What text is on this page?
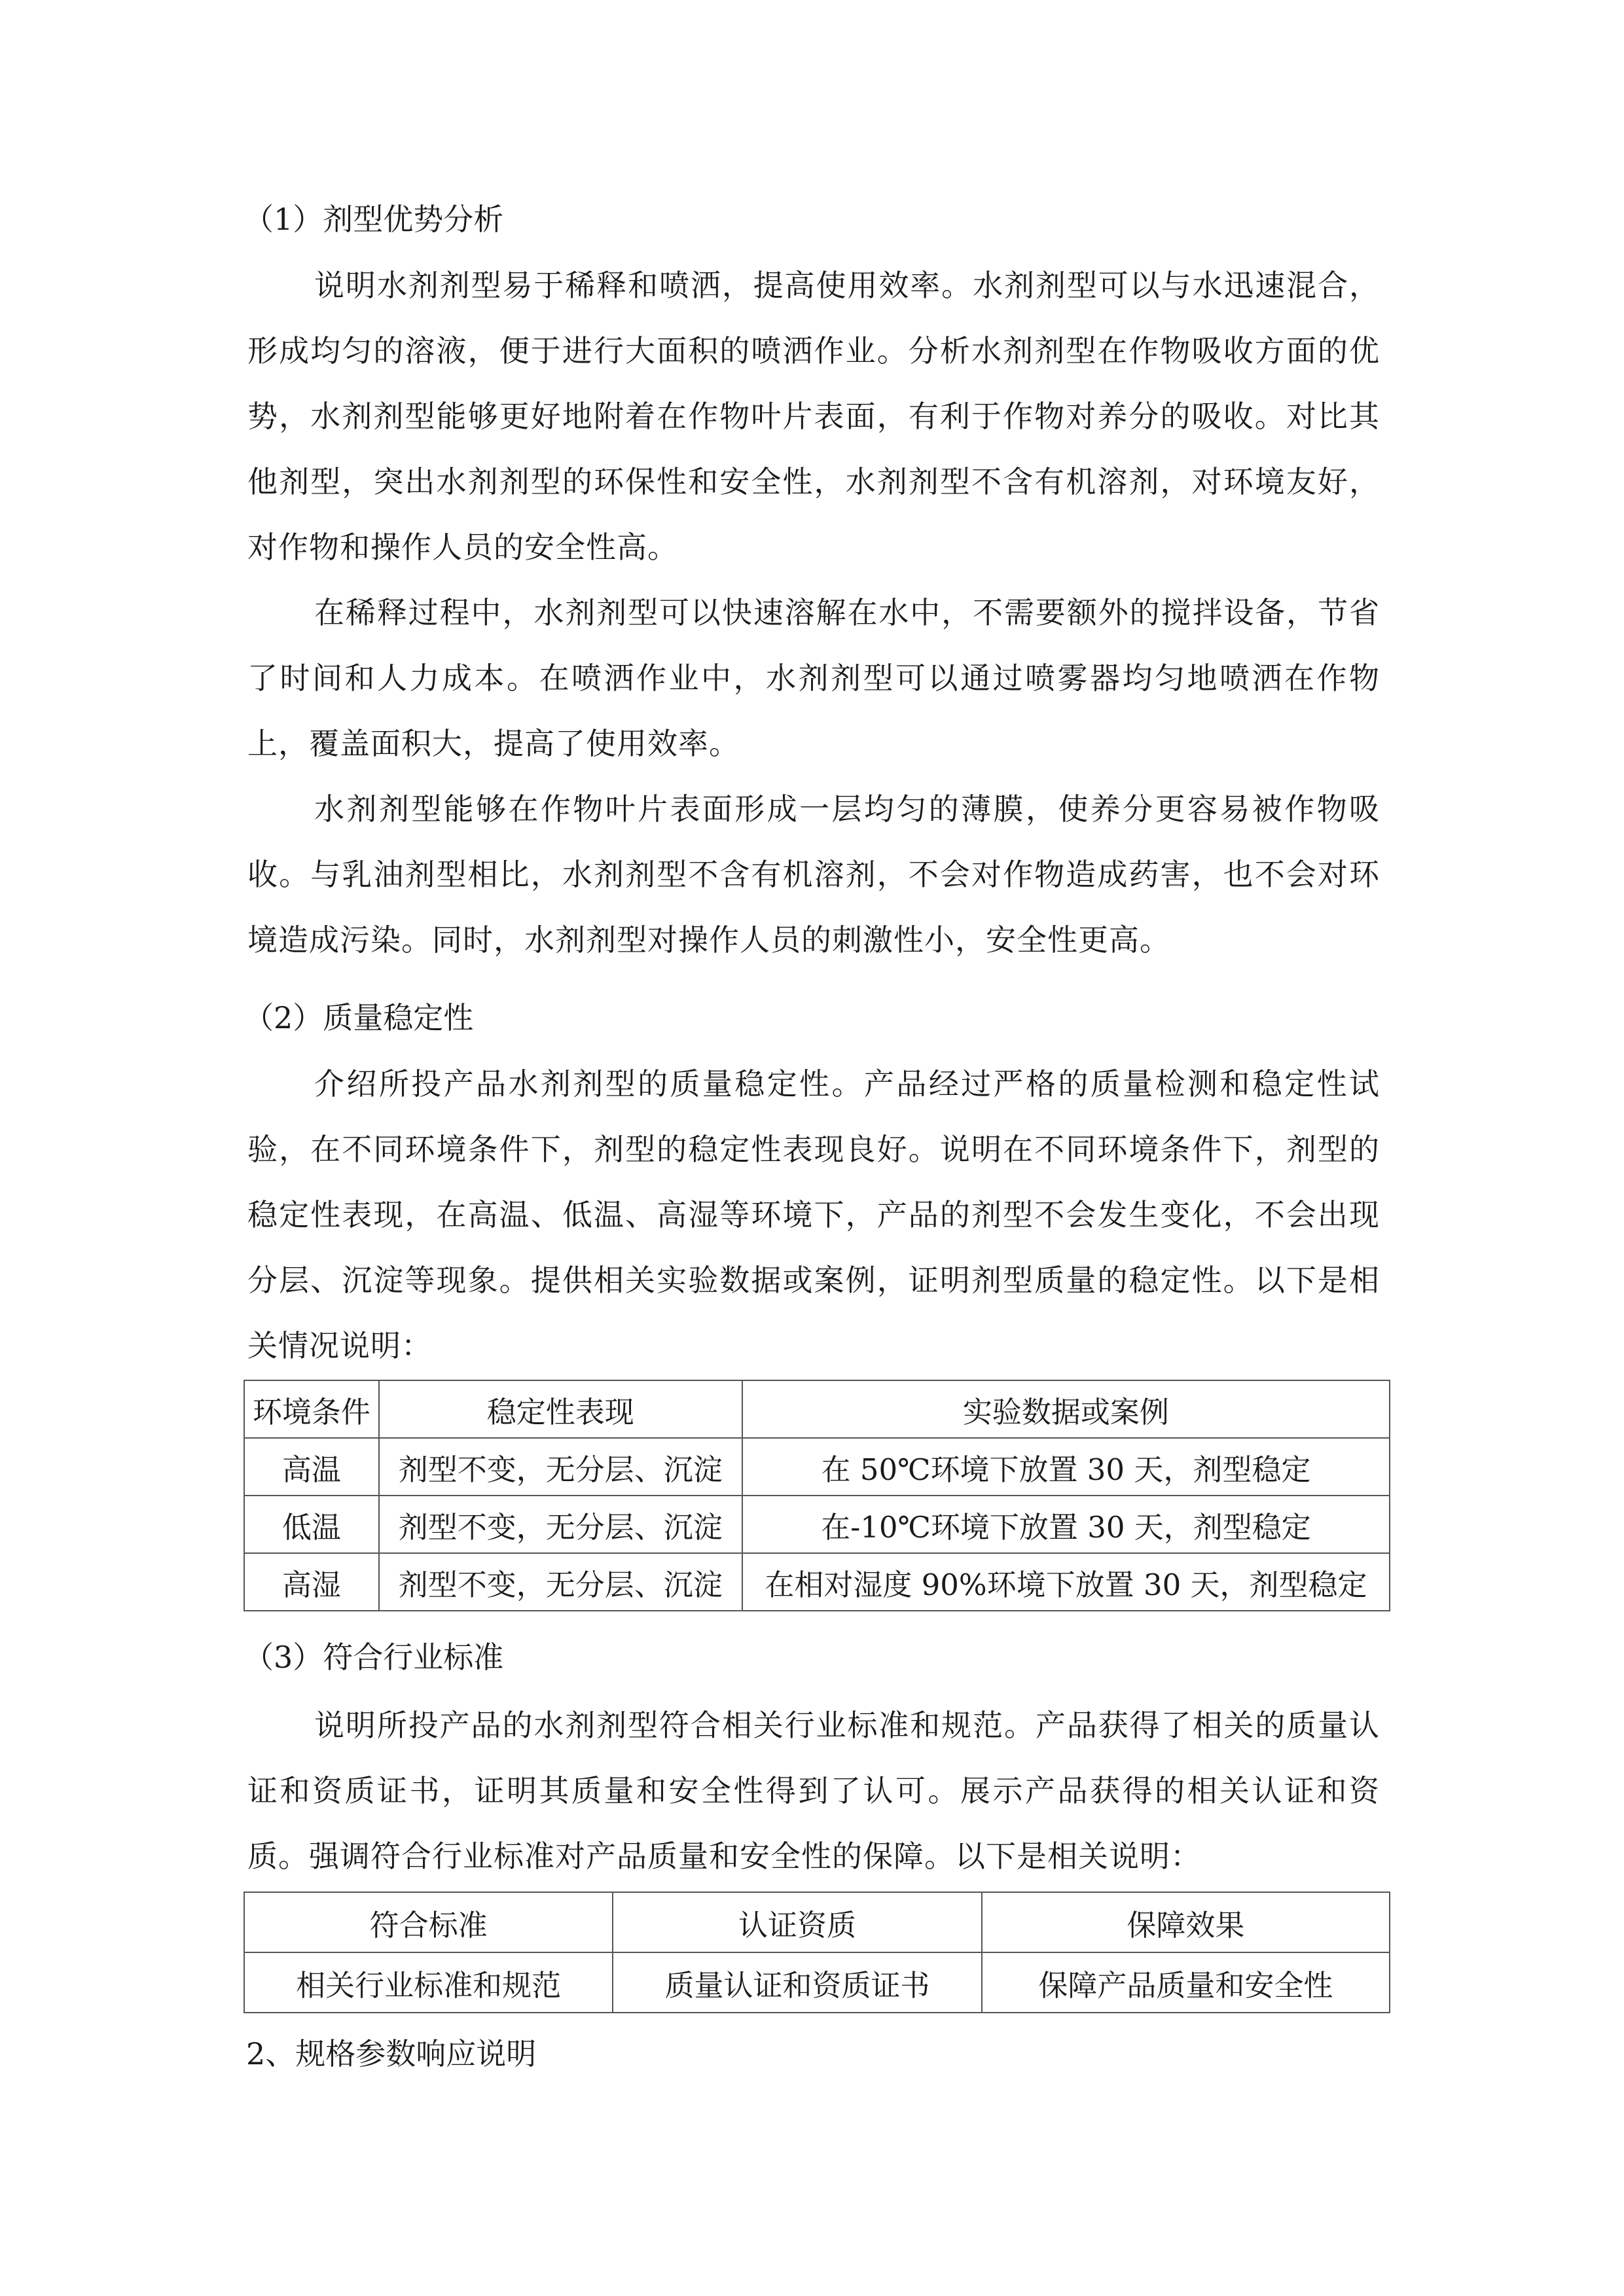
（1）剂型优势分析

说明水剂剂型易于稀释和喷洒，提高使用效率。水剂剂型可以与水迅速混合，形成均匀的溶液，便于进行大面积的喷洒作业。分析水剂剂型在作物吸收方面的优势，水剂剂型能够更好地附着在作物叶片表面，有利于作物对养分的吸收。对比其他剂型，突出水剂剂型的环保性和安全性，水剂剂型不含有机溶剂，对环境友好，对作物和操作人员的安全性高。

在稀释过程中，水剂剂型可以快速溶解在水中，不需要额外的搅拌设备，节省了时间和人力成本。在喷洒作业中，水剂剂型可以通过喷雾器均匀地喷洒在作物上，覆盖面积大，提高了使用效率。

水剂剂型能够在作物叶片表面形成一层均匀的薄膜，使养分更容易被作物吸收。与乳油剂型相比，水剂剂型不含有机溶剂，不会对作物造成药害，也不会对环境造成污染。同时，水剂剂型对操作人员的刺激性小，安全性更高。

（2）质量稳定性

介绍所投产品水剂剂型的质量稳定性。产品经过严格的质量检测和稳定性试验，在不同环境条件下，剂型的稳定性表现良好。说明在不同环境条件下，剂型的稳定性表现，在高温、低温、高湿等环境下，产品的剂型不会发生变化，不会出现分层、沉淀等现象。提供相关实验数据或案例，证明剂型质量的稳定性。以下是相关情况说明：

环境条件	稳定性表现	实验数据或案例
高温	剂型不变，无分层、沉淀	在 50℃环境下放置 30 天，剂型稳定
低温	剂型不变，无分层、沉淀	在-10℃环境下放置 30 天，剂型稳定
高湿	剂型不变，无分层、沉淀	在相对湿度 90%环境下放置 30 天，剂型稳定
（3）符合行业标准

说明所投产品的水剂剂型符合相关行业标准和规范。产品获得了相关的质量认证和资质证书，证明其质量和安全性得到了认可。展示产品获得的相关认证和资质。强调符合行业标准对产品质量和安全性的保障。以下是相关说明：

符合标准	认证资质	保障效果
相关行业标准和规范	质量认证和资质证书	保障产品质量和安全性
2、规格参数响应说明
